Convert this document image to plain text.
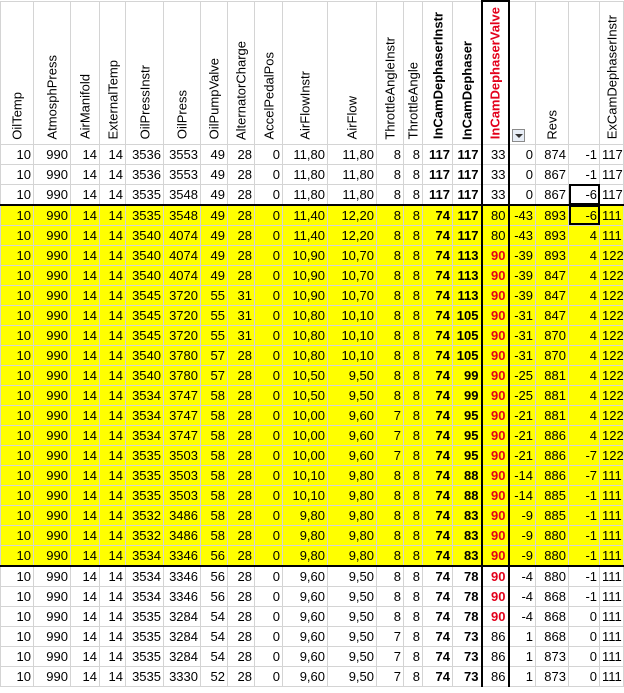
OilTemp	AtmosphPress	AirManifold	ExternalTemp	OilPressInstr	OilPress	OilPumpValve	AlternatorCharge	AccelPedalPos	AirFlowInstr	AirFlow	ThrottleAngleInstr	ThrottleAngle	InCamDephaserInstr	InCamDephaser	InCamDephaserValve		Revs		ExCamDephaserInstr

10	990	14	14	3536	3553	49	28	0	11,80	11,80	8	8	117	117	33	0	874	-1	117
10	990	14	14	3536	3553	49	28	0	11,80	11,80	8	8	117	117	33	0	867	-1	117
10	990	14	14	3535	3548	49	28	0	11,80	11,80	8	8	117	117	33	0	867	-6	117
10	990	14	14	3535	3548	49	28	0	11,40	12,20	8	8	74	117	80	-43	893	-6	111
10	990	14	14	3540	4074	49	28	0	11,40	12,20	8	8	74	117	80	-43	893	4	111
10	990	14	14	3540	4074	49	28	0	10,90	10,70	8	8	74	113	90	-39	893	4	122
10	990	14	14	3540	4074	49	28	0	10,90	10,70	8	8	74	113	90	-39	847	4	122
10	990	14	14	3545	3720	55	31	0	10,90	10,70	8	8	74	113	90	-39	847	4	122
10	990	14	14	3545	3720	55	31	0	10,80	10,10	8	8	74	105	90	-31	847	4	122
10	990	14	14	3545	3720	55	31	0	10,80	10,10	8	8	74	105	90	-31	870	4	122
10	990	14	14	3540	3780	57	28	0	10,80	10,10	8	8	74	105	90	-31	870	4	122
10	990	14	14	3540	3780	57	28	0	10,50	9,50	8	8	74	99	90	-25	881	4	122
10	990	14	14	3534	3747	58	28	0	10,50	9,50	8	8	74	99	90	-25	881	4	122
10	990	14	14	3534	3747	58	28	0	10,00	9,60	7	8	74	95	90	-21	881	4	122
10	990	14	14	3534	3747	58	28	0	10,00	9,60	7	8	74	95	90	-21	886	4	122
10	990	14	14	3535	3503	58	28	0	10,00	9,60	7	8	74	95	90	-21	886	-7	122
10	990	14	14	3535	3503	58	28	0	10,10	9,80	8	8	74	88	90	-14	886	-7	111
10	990	14	14	3535	3503	58	28	0	10,10	9,80	8	8	74	88	90	-14	885	-1	111
10	990	14	14	3532	3486	58	28	0	9,80	9,80	8	8	74	83	90	-9	885	-1	111
10	990	14	14	3532	3486	58	28	0	9,80	9,80	8	8	74	83	90	-9	880	-1	111
10	990	14	14	3534	3346	56	28	0	9,80	9,80	8	8	74	83	90	-9	880	-1	111
10	990	14	14	3534	3346	56	28	0	9,60	9,50	8	8	74	78	90	-4	880	-1	111
10	990	14	14	3534	3346	56	28	0	9,60	9,50	8	8	74	78	90	-4	868	-1	111
10	990	14	14	3535	3284	54	28	0	9,60	9,50	8	8	74	78	90	-4	868	0	111
10	990	14	14	3535	3284	54	28	0	9,60	9,50	7	8	74	73	86	1	868	0	111
10	990	14	14	3535	3284	54	28	0	9,60	9,50	7	8	74	73	86	1	873	0	111
10	990	14	14	3535	3330	52	28	0	9,60	9,50	7	8	74	73	86	1	873	0	111
